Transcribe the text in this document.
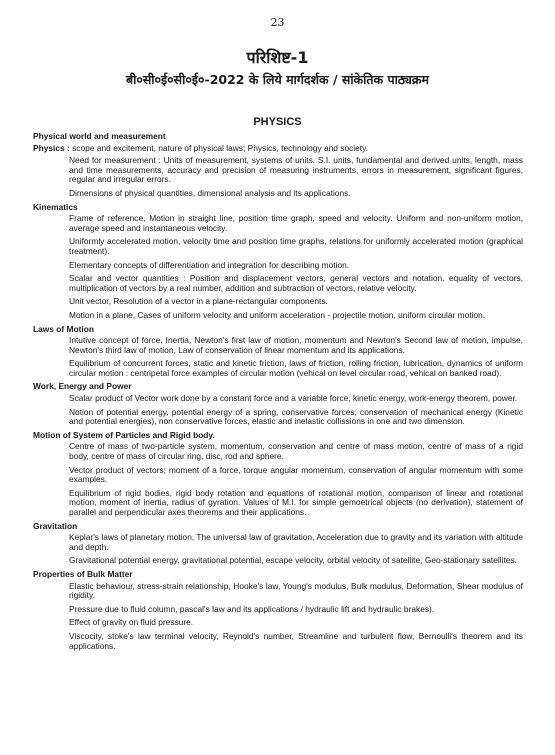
23
परिशिष्ट-1
बी०सी०ई०सी०ई०-2022 के लिये मार्गदर्शक / सांकेतिक पाठ्यक्रम
PHYSICS
Physical world and measurement
Physics : scope and excitement, nature of physical laws; Physics, technology and society.
Need for measurement : Units of measurement, systems of units. S.I. units, fundamental and derived units, length, mass and time measurements, accuracy and precision of measuring instruments, errors in measurement, significant figures, regular and irregular errors.
Dimensions of physical quantities, dimensional analysis and its applications.
Kinematics
Frame of reference, Motion in straight line, position time graph, speed and velocity. Uniform and non-uniform motion, average speed and instantaneous velocity.
Uniformly accelerated motion, velocity time and position time graphs, relations for uniformly accelerated motion (graphical treatment).
Elementary concepts of differentiation and integration for describing motion.
Scalar and vector quantities : Position and displacement vectors, general vectors and notation, equality of vectors, multiplication of vectors by a real number, addition and subtraction of vectors, relative velocity.
Unit vector, Resolution of a vector in a plane-rectangular components.
Motion in a plane, Cases of uniform velocity and uniform acceleration - projectile motion, uniform circular motion.
Laws of Motion
Intutive concept of force, Inertia, Newton's first law of motion, momentum and Newton's Second law of motion, impulse, Newton's third law of motion, Law of conservation of linear momentum and its applications.
Equilibrium of concurrent forces, static and kinetic friction, laws of friction, rolling friction, lubrication, dynamics of uniform circular motion : centripetal force examples of circular motion (vehical on level circular road, vehical on banked road).
Work, Energy and Power
Scalar product of Vector work done by a constant force and a variable force, kinetic energy, work-energy theorem, power.
Notion of potential energy, potential energy of a spring, conservative forces; conservation of mechanical energy (Kinetic and potential energies), non conservative forces, elastic and inelastic collissions in one and two dimension.
Motion of System of Particles and Rigid body.
Centre of mass of two-particle system, momentum, conservation and centre of mass motion, centre of mass of a rigid body, centre of mass of circular ring, disc, rod and sphere.
Vector product of vectors; moment of a force, torque angular momentum, conservation of angular momentum with some examples.
Equilibrium of rigid bodies, rigid body rotation and equations of rotational motion, comparison of linear and rotational motion, moment of inertia, radius of gyration. Values of M.I. for simple gemoetrical objects (no derivation), statement of parallel and perpendicular axes theorems and their applications.
Gravitation
Keplar's laws of planetary motion, The universal law of gravitation, Acceleration due to gravity and its variation with altitude and depth.
Gravitational potential energy, gravitational potential, escape velocity, orbital velocity of satellite, Geo-stationary satellites.
Properties of Bulk Matter
Elastic behaviour, stress-strain relationship, Hooke's law, Young's modulus, Bulk modulus, Deformation, Shear modulus of rigidity.
Pressure due to fluid column, pascal's law and its applications / hydraulic lift and hydraulic brakes).
Effect of gravity on fluid pressure.
Viscocity, stoke's law terminal velocity, Reynold's number, Streamline and turbulent flow, Bernoulli's theorem and its applications.
